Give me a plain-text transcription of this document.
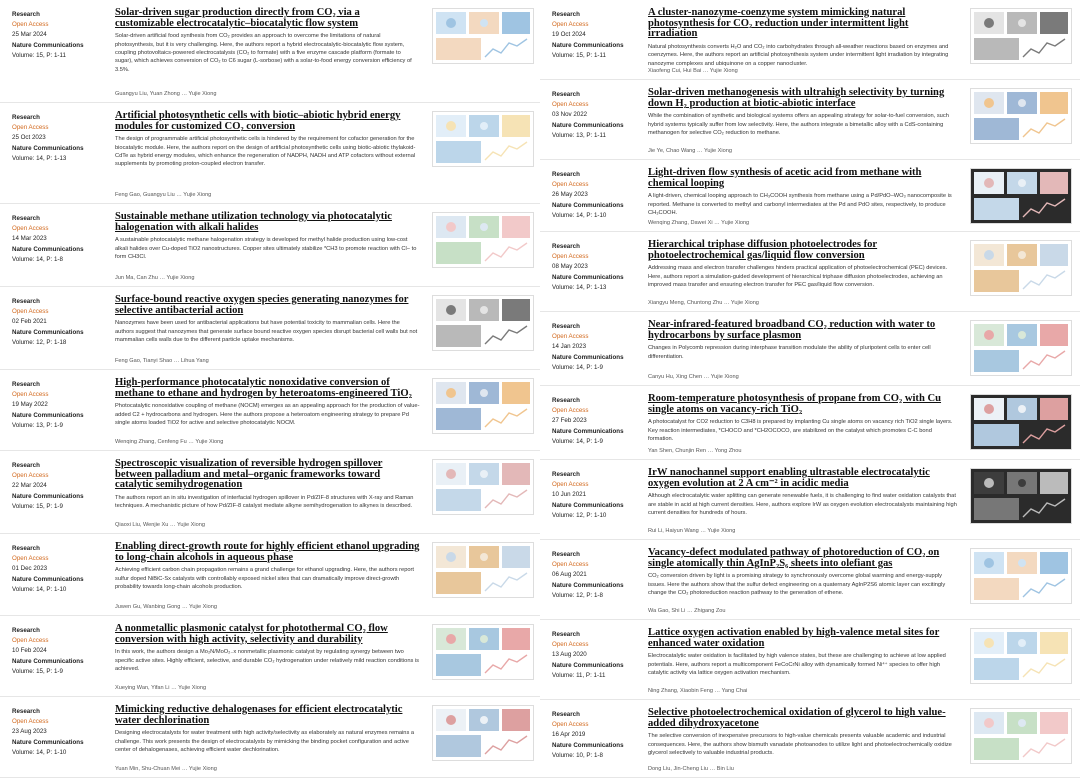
Research
Open Access
25 Mar 2024
Nature Communications
Volume: 15, P: 1-11
Solar-driven sugar production directly from CO₂ via a customizable electrocatalytic–biocatalytic flow system

Solar-driven artificial food synthesis from CO₂ provides an approach to overcome the limitations of natural photosynthesis, but it is very challenging. Here, the authors report a hybrid electrocatalytic-biocatalytic flow system, coupling photovoltaics-powered electrocatalysis (CO₂ to formate) with a five enzyme cascade platform (formate to sugar), which achieves conversion of CO₂ to C6 sugar (L-sorbose) with a solar-to-food energy conversion efficiency of 3.5%.

Guangyu Liu, Yuan Zhong … Yujie Xiong
Research
Open Access
25 Oct 2023
Nature Communications
Volume: 14, P: 1-13
Artificial photosynthetic cells with biotic–abiotic hybrid energy modules for customized CO₂ conversion

The design of programmable artificial photosynthetic cells is hindered by the requirement for cofactor generation for the biocatalytic module. Here, the authors report on the design of artificial photosynthetic cells using biotic-abiotic thylakoid-CdTe as hybrid energy modules, which enhance the regeneration of NADPH, NADH and ATP cofactors without external supplements by promoting proton-coupled electron transfer.

Feng Gao, Guangyu Liu … Yujie Xiong
Research
Open Access
14 Mar 2023
Nature Communications
Volume: 14, P: 1-8
Sustainable methane utilization technology via photocatalytic halogenation with alkali halides

A sustainable photocatalytic methane halogenation strategy is developed for methyl halide production using low-cost alkali halides over Cu-doped TiO2 nanostructures. Copper sites ultimately stabilize *CH3 to promote reaction with Cl− to form CH3Cl.

Jun Ma, Can Zhu … Yujie Xiong
Research
Open Access
02 Feb 2021
Nature Communications
Volume: 12, P: 1-18
Surface-bound reactive oxygen species generating nanozymes for selective antibacterial action

Nanozymes have been used for antibacterial applications but have potential toxicity to mammalian cells. Here the authors suggest that nanozymes that generate surface bound reactive oxygen species disrupt bacterial cell walls but not mammalian cells walls due to the different particle uptake mechanisms.

Feng Gao, Tianyi Shao … Lihua Yang
Research
Open Access
19 May 2022
Nature Communications
Volume: 13, P: 1-9
High-performance photocatalytic nonoxidative conversion of methane to ethane and hydrogen by heteroatoms-engineered TiO₂

Photocatalytic nonoxidative coupling of methane (NOCM) emerges as an appealing approach for the production of value-added C2 + hydrocarbons and hydrogen. Here the authors propose a heteroatom engineering strategy to prepare Pd single atoms loaded TiO2 for active and selective photocatalytic NOCM.

Wenqing Zhang, Cenfeng Fu … Yujie Xiong
Research
Open Access
22 Mar 2024
Nature Communications
Volume: 15, P: 1-9
Spectroscopic visualization of reversible hydrogen spillover between palladium and metal–organic frameworks toward catalytic semihydrogenation

The authors report an in situ investigation of interfacial hydrogen spillover in Pd/ZIF-8 structures with X-ray and Raman techniques. A mechanistic picture of how Pd/ZIF-8 catalyst mediate alkyne semihydrogenation to alkynes is described.

Qiaoxi Liu, Wenjie Xu … Yujie Xiong
Research
Open Access
01 Dec 2023
Nature Communications
Volume: 14, P: 1-10
Enabling direct-growth route for highly efficient ethanol upgrading to long-chain alcohols in aqueous phase

Achieving efficient carbon chain propagation remains a grand challenge for ethanol upgrading. Here, the authors report sulfur doped NiBiC-Sx catalysts with controllably exposed nickel sites that can dramatically improve direct-growth probability towards long-chain alcohols production.

Juwen Gu, Wanbing Gong … Yujie Xiong
Research
Open Access
10 Feb 2024
Nature Communications
Volume: 15, P: 1-9
A nonmetallic plasmonic catalyst for photothermal CO₂ flow conversion with high activity, selectivity and durability

In this work, the authors design a Mo₂N/MoO₂₋x nonmetallic plasmonic catalyst by regulating synergy between two specific active sites. Highly efficient, selective, and durable CO₂ hydrogenation under relatively mild reaction conditions is achieved.

Xueying Wan, Yifan Li … Yujie Xiong
Research
Open Access
23 Aug 2023
Nature Communications
Volume: 14, P: 1-10
Mimicking reductive dehalogenases for efficient electrocatalytic water dechlorination

Designing electrocatalysts for water treatment with high activity/selectivity as elaborately as natural enzymes remains a challenge. This work presents the design of electrocatalysts by mimicking the binding pocket configuration and active center of dehalogenases, achieving efficient water dechlorination.

Yuan Min, Shu-Chuan Mei … Yujie Xiong
Research
Open Access
19 Oct 2024
Nature Communications
Volume: 15, P: 1-11
A cluster-nanozyme-coenzyme system mimicking natural photosynthesis for CO₂ reduction under intermittent light irradiation

Natural photosynthesis converts H₂O and CO₂ into carbohydrates through all-weather reactions based on enzymes and coenzymes. Here, the authors report an artificial photosynthesis system under intermittent light irradiation by integrating nanozyme complexes and ubiquinone on a copper nanocluster.

Xiaofeng Cui, Hui Bai … Yujie Xiong
Research
Open Access
03 Nov 2022
Nature Communications
Volume: 13, P: 1-11
Solar-driven methanogenesis with ultrahigh selectivity by turning down H₂ production at biotic-abiotic interface

While the combination of synthetic and biological systems offers an appealing strategy for solar-to-fuel conversion, such hybrid systems typically suffer from low selectivity. Here, the authors integrate a bimetallic alloy with a CdS-containing methanogen for selective CO₂ reduction to methane.

Jie Ye, Chao Wang … Yujie Xiong
Research
Open Access
26 May 2023
Nature Communications
Volume: 14, P: 1-10
Light-driven flow synthesis of acetic acid from methane with chemical looping

A light-driven, chemical looping approach to CH₃COOH synthesis from methane using a Pd/PdO–WO₃ nanocomposite is reported. Methane is converted to methyl and carbonyl intermediates at the Pd and PdO sites, respectively, to produce CH₃COOH.

Wenqing Zhang, Dawei Xi … Yujie Xiong
Research
Open Access
08 May 2023
Nature Communications
Volume: 14, P: 1-13
Hierarchical triphase diffusion photoelectrodes for photoelectrochemical gas/liquid flow conversion

Addressing mass and electron transfer challenges hinders practical application of photoelectrochemical (PEC) devices. Here, authors report a simulation-guided development of hierarchical triphase diffusion photoelectrodes, achieving an improved mass transfer and ensuring electron transfer for PEC gas/liquid flow conversion.

Xiangyu Meng, Chuntong Zhu … Yujie Xiong
Research
Open Access
14 Jan 2023
Nature Communications
Volume: 14, P: 1-9
Near-infrared-featured broadband CO₂ reduction with water to hydrocarbons by surface plasmon

Changes in Polycomb repression during interphase transition modulate the ability of pluripotent cells to enter cell differentiation.

Canyu Hu, Xing Chen … Yujie Xiong
Research
Open Access
27 Feb 2023
Nature Communications
Volume: 14, P: 1-9
Room-temperature photosynthesis of propane from CO₂ with Cu single atoms on vacancy-rich TiO₂

A photocatalyst for CO2 reduction to C3H8 is prepared by implanting Cu single atoms on vacancy rich TiO2 single layers. Key reaction intermediates, *CHOCO and *CH2OCOCO, are stabilized on the catalyst which promotes C-C bond formation.

Yan Shen, Chunjin Ren … Yong Zhou
Research
Open Access
10 Jun 2021
Nature Communications
Volume: 12, P: 1-10
IrW nanochannel support enabling ultrastable electrocatalytic oxygen evolution at 2 A cm⁻² in acidic media

Although electrocatalytic water splitting can generate renewable fuels, it is challenging to find water oxidation catalysts that are stable in acid at high current densities. Here, authors explore IrW as oxygen evolution electrocatalysts maintaining high current densities for hundreds of hours.

Rui Li, Haiyun Wang … Yujie Xiong
Research
Open Access
06 Aug 2021
Nature Communications
Volume: 12, P: 1-8
Vacancy-defect modulated pathway of photoreduction of CO₂ on single atomically thin AgInP₂S₆ sheets into olefiant gas

CO₂ conversion driven by light is a promising strategy to synchronously overcome global warming and energy-supply issues. Here the authors show that the sulfur defect engineering on a quaternary AgInP2S6 atomic layer can excitingly change the CO₂ photoreduction reaction pathway to the generation of ethene.

Wa Gao, Shi Li … Zhigang Zou
Research
Open Access
13 Aug 2020
Nature Communications
Volume: 11, P: 1-11
Lattice oxygen activation enabled by high-valence metal sites for enhanced water oxidation

Electrocatalytic water oxidation is facilitated by high valence states, but these are challenging to achieve at low applied potentials. Here, authors report a multicomponent FeCoCrNi alloy with dynamically formed Ni⁴⁺ species to offer high catalytic activity via lattice oxygen activation mechanism.

Ning Zhang, Xiaobin Feng … Yang Chai
Research
Open Access
16 Apr 2019
Nature Communications
Volume: 10, P: 1-8
Selective photoelectrochemical oxidation of glycerol to high value-added dihydroxyacetone

The selective conversion of inexpensive precursors to high-value chemicals presents valuable academic and industrial consequences. Here, the authors show bismuth vanadate photoanodes to utilize light and photoelectrochemically oxidize glycerol selectively to valuable industrial products.

Dong Liu, Jin-Cheng Liu … Bin Liu
